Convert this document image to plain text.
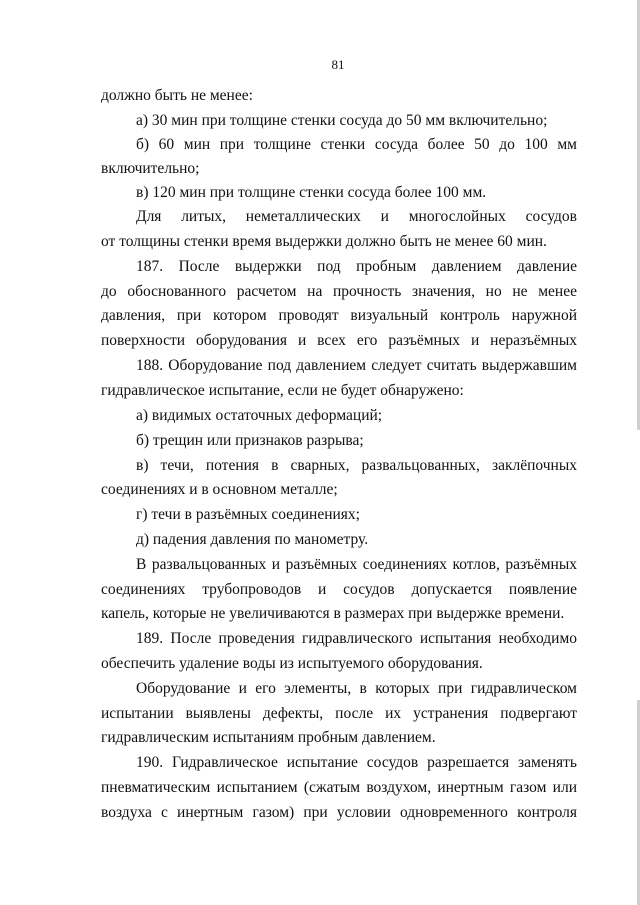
81
должно быть не менее:
а) 30 мин при толщине стенки сосуда до 50 мм включительно;
б) 60 мин при толщине стенки сосуда более 50 до 100 мм
включительно;
в) 120 мин при толщине стенки сосуда более 100 мм.
Для литых, неметаллических и многослойных сосудов
от толщины стенки время выдержки должно быть не менее 60 мин.
187. После выдержки под пробным давлением давление
до обоснованного расчетом на прочность значения, но не менее
давления, при котором проводят визуальный контроль наружной
поверхности оборудования и всех его разъёмных и неразъёмных
188. Оборудование под давлением следует считать выдержавшим
гидравлическое испытание, если не будет обнаружено:
а) видимых остаточных деформаций;
б) трещин или признаков разрыва;
в) течи, потения в сварных, развальцованных, заклёпочных
соединениях и в основном металле;
г) течи в разъёмных соединениях;
д) падения давления по манометру.
В развальцованных и разъёмных соединениях котлов, разъёмных
соединениях трубопроводов и сосудов допускается появление
капель, которые не увеличиваются в размерах при выдержке времени.
189. После проведения гидравлического испытания необходимо
обеспечить удаление воды из испытуемого оборудования.
Оборудование и его элементы, в которых при гидравлическом
испытании выявлены дефекты, после их устранения подвергают
гидравлическим испытаниям пробным давлением.
190. Гидравлическое испытание сосудов разрешается заменять
пневматическим испытанием (сжатым воздухом, инертным газом или
воздуха с инертным газом) при условии одновременного контроля
